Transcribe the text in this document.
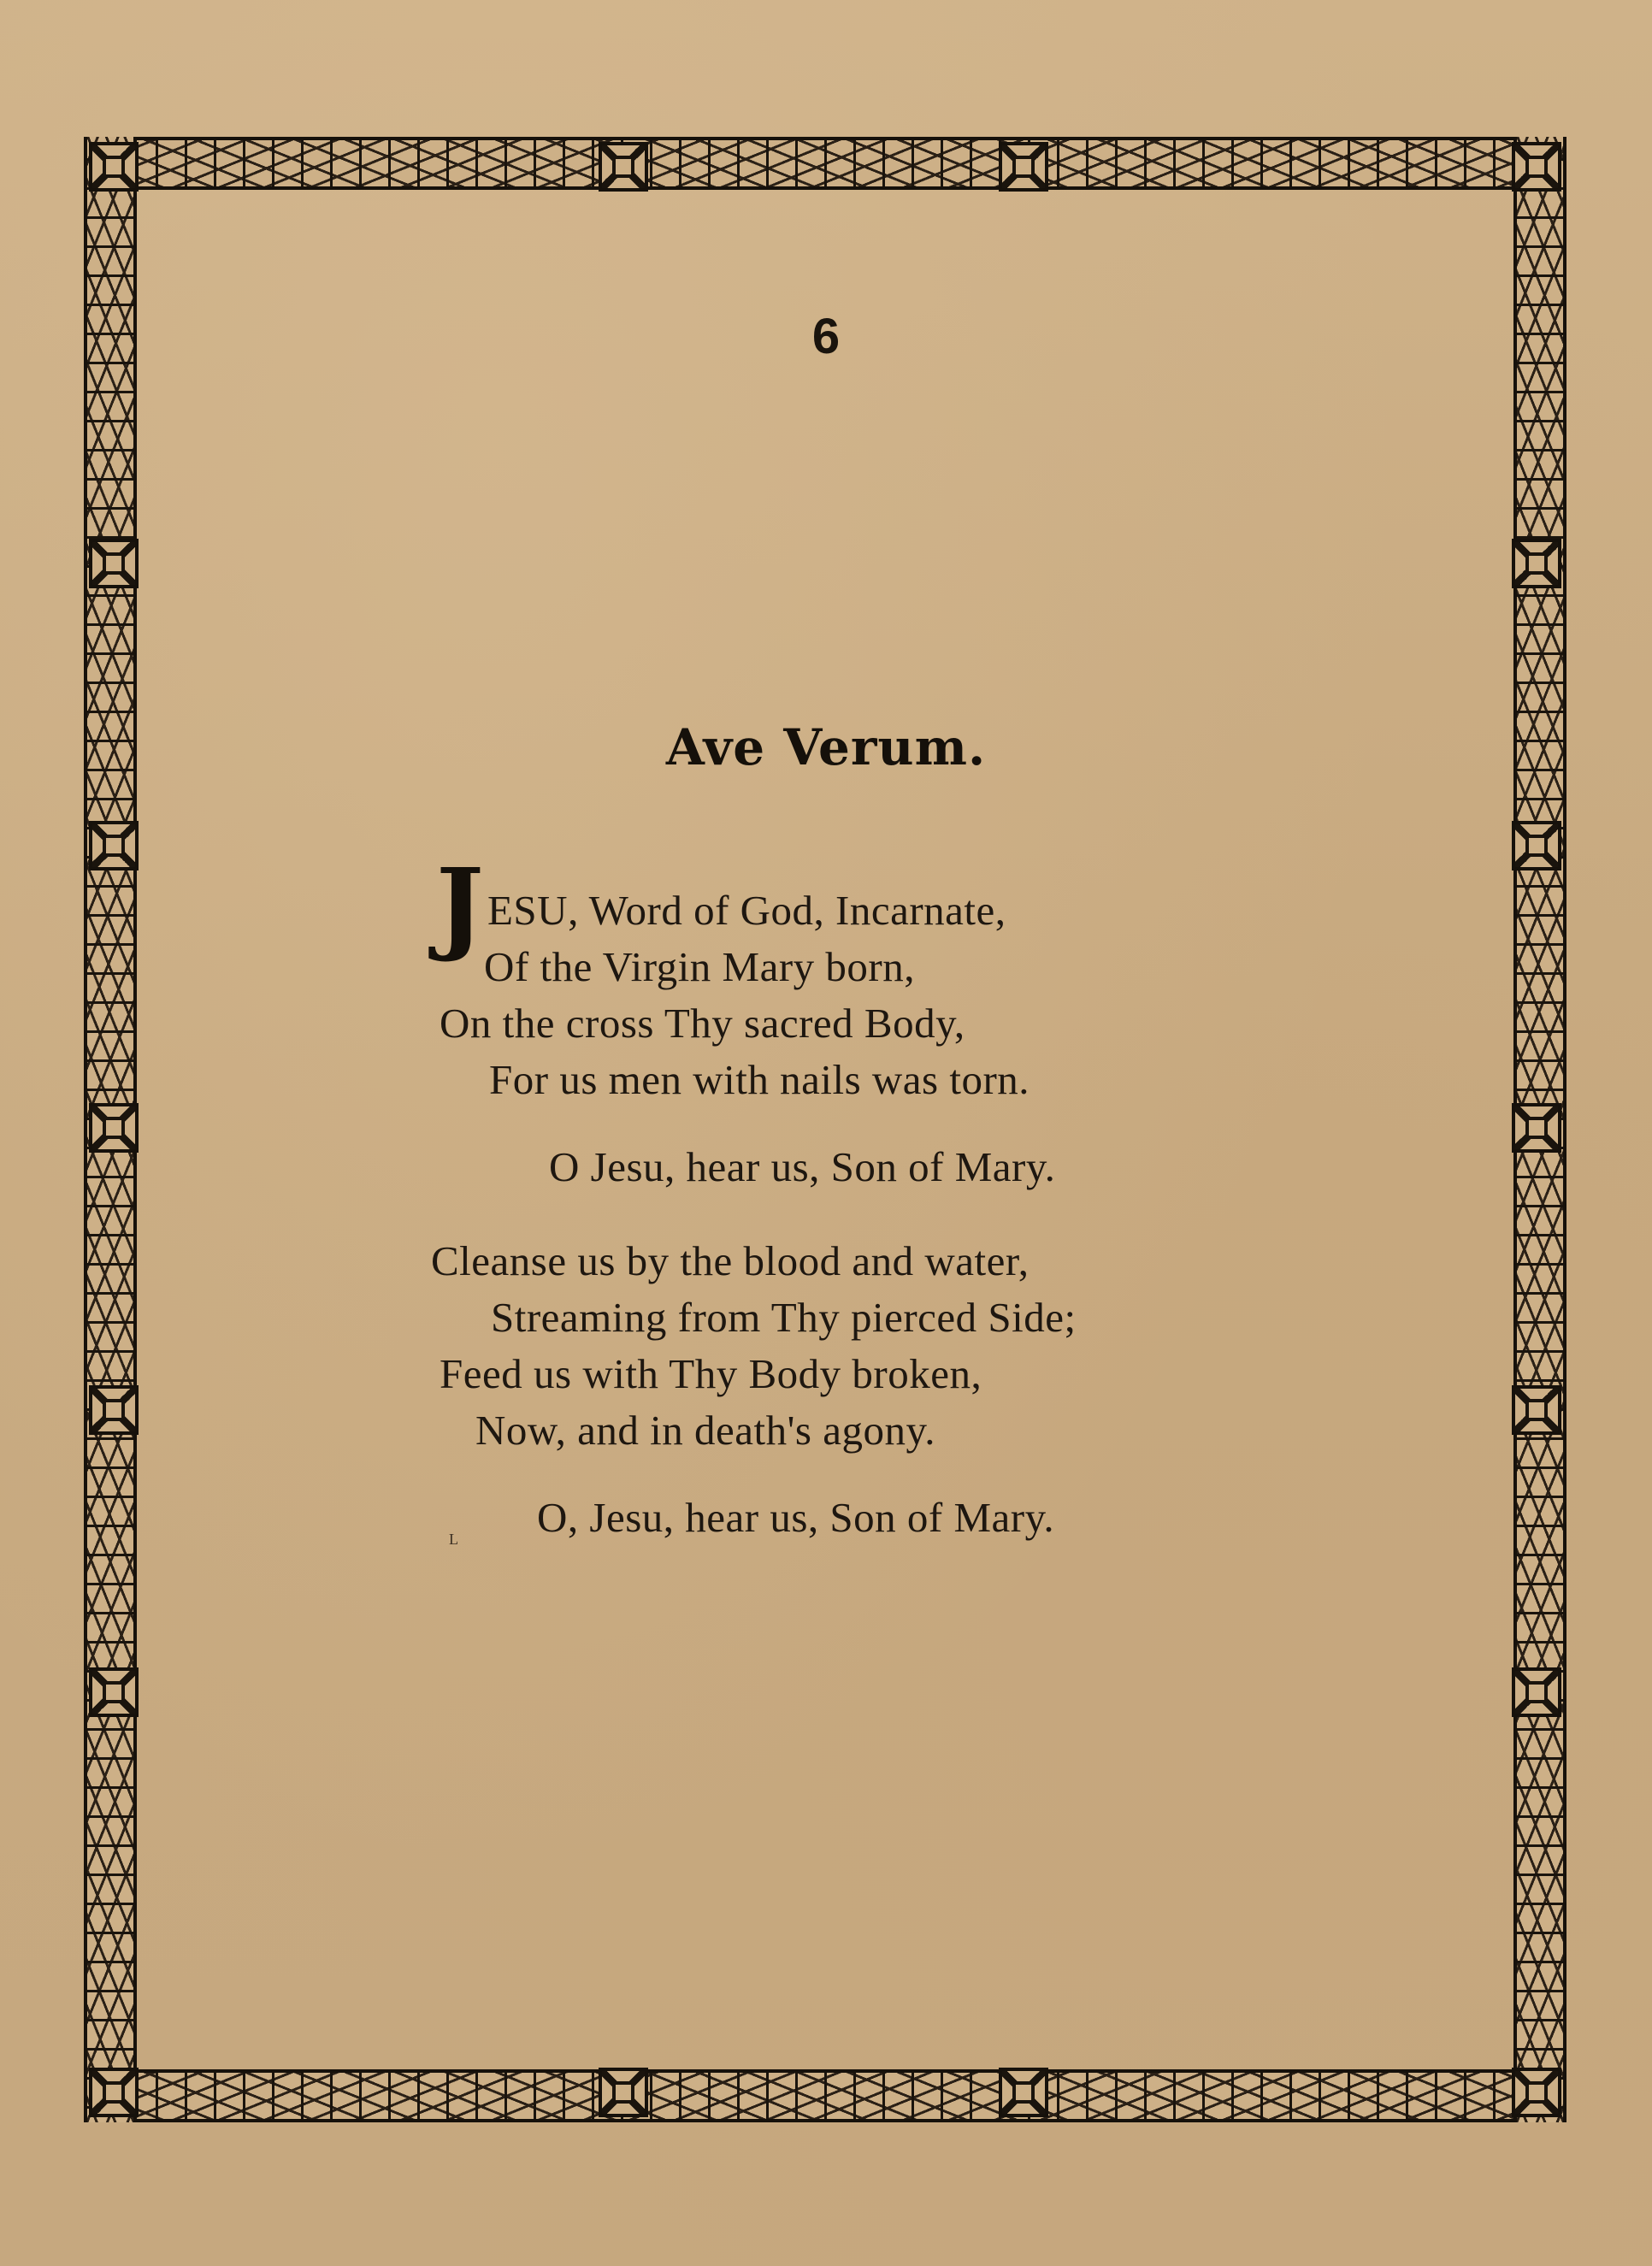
6
Ave Verum.
J ESU, Word of God, Incarnate,
Of the Virgin Mary born,
On the cross Thy sacred Body,
For us men with nails was torn.
O Jesu, hear us, Son of Mary.
Cleanse us by the blood and water,
Streaming from Thy pierced Side;
Feed us with Thy Body broken,
Now, and in death's agony.
O, Jesu, hear us, Son of Mary.
L
